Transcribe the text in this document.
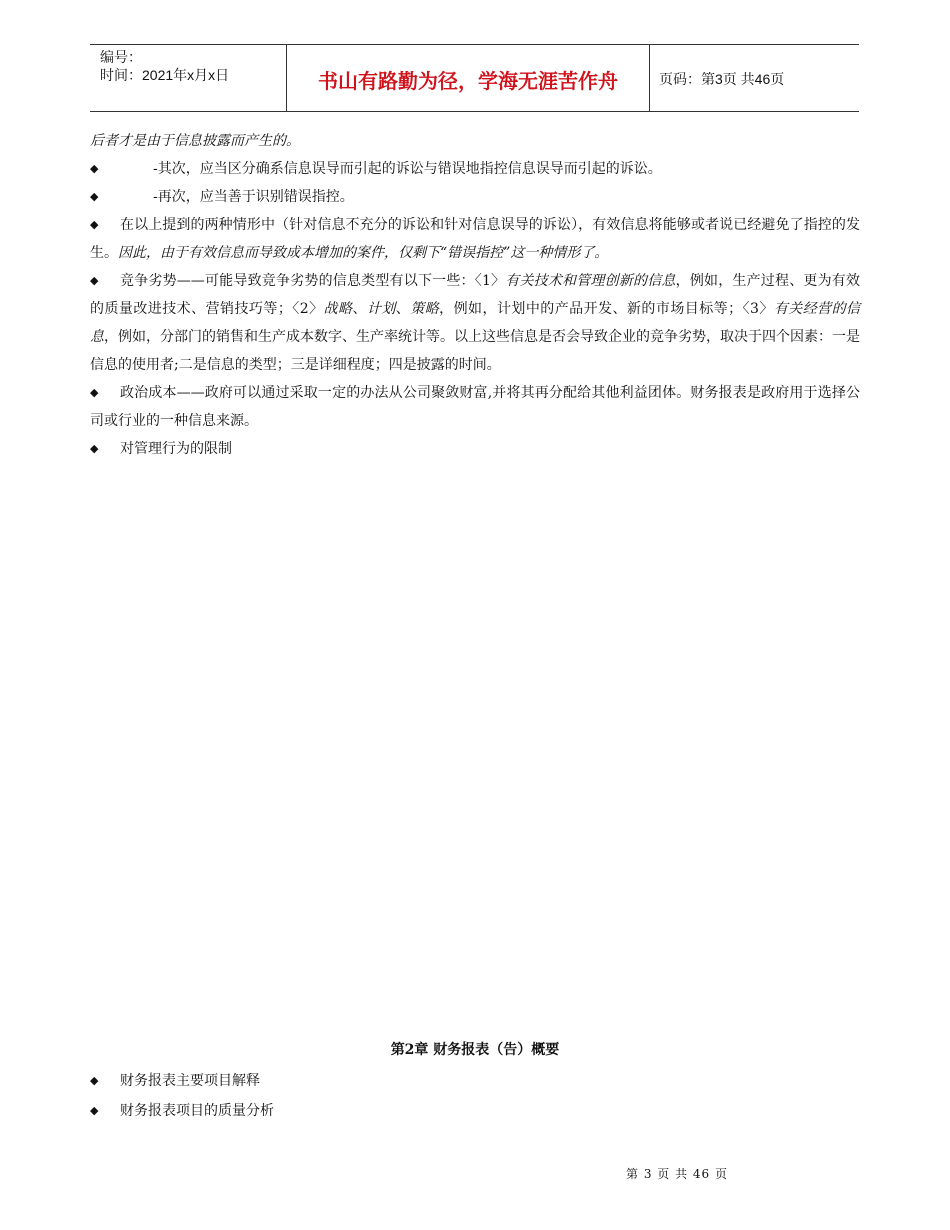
编号：
时间：2021年x月x日	书山有路勤为径，学海无涯苦作舟	页码：第3页 共46页

后者才是由于信息披露而产生的。

◆	-其次，应当区分确系信息误导而引起的诉讼与错误地指控信息误导而引起的诉讼。

◆	-再次，应当善于识别错误指控。

◆ 在以上提到的两种情形中（针对信息不充分的诉讼和针对信息误导的诉讼），有效信息将能够或者说已经避免了指控的发生。因此，由于有效信息而导致成本增加的案件，仅剩下“错误指控”这一种情形了。

◆ 竞争劣势——可能导致竞争劣势的信息类型有以下一些：〈1〉有关技术和管理创新的信息，例如，生产过程、更为有效的质量改进技术、营销技巧等；〈2〉战略、计划、策略，例如，计划中的产品开发、新的市场目标等；〈3〉有关经营的信息，例如，分部门的销售和生产成本数字、生产率统计等。以上这些信息是否会导致企业的竞争劣势，取决于四个因素：一是信息的使用者;二是信息的类型；三是详细程度；四是披露的时间。

◆ 政治成本——政府可以通过采取一定的办法从公司聚敛财富,并将其再分配给其他利益团体。财务报表是政府用于选择公司或行业的一种信息来源。

◆ 对管理行为的限制

第2章 财务报表（告）概要

◆ 财务报表主要项目解释

◆ 财务报表项目的质量分析

第 3 页 共 46 页
